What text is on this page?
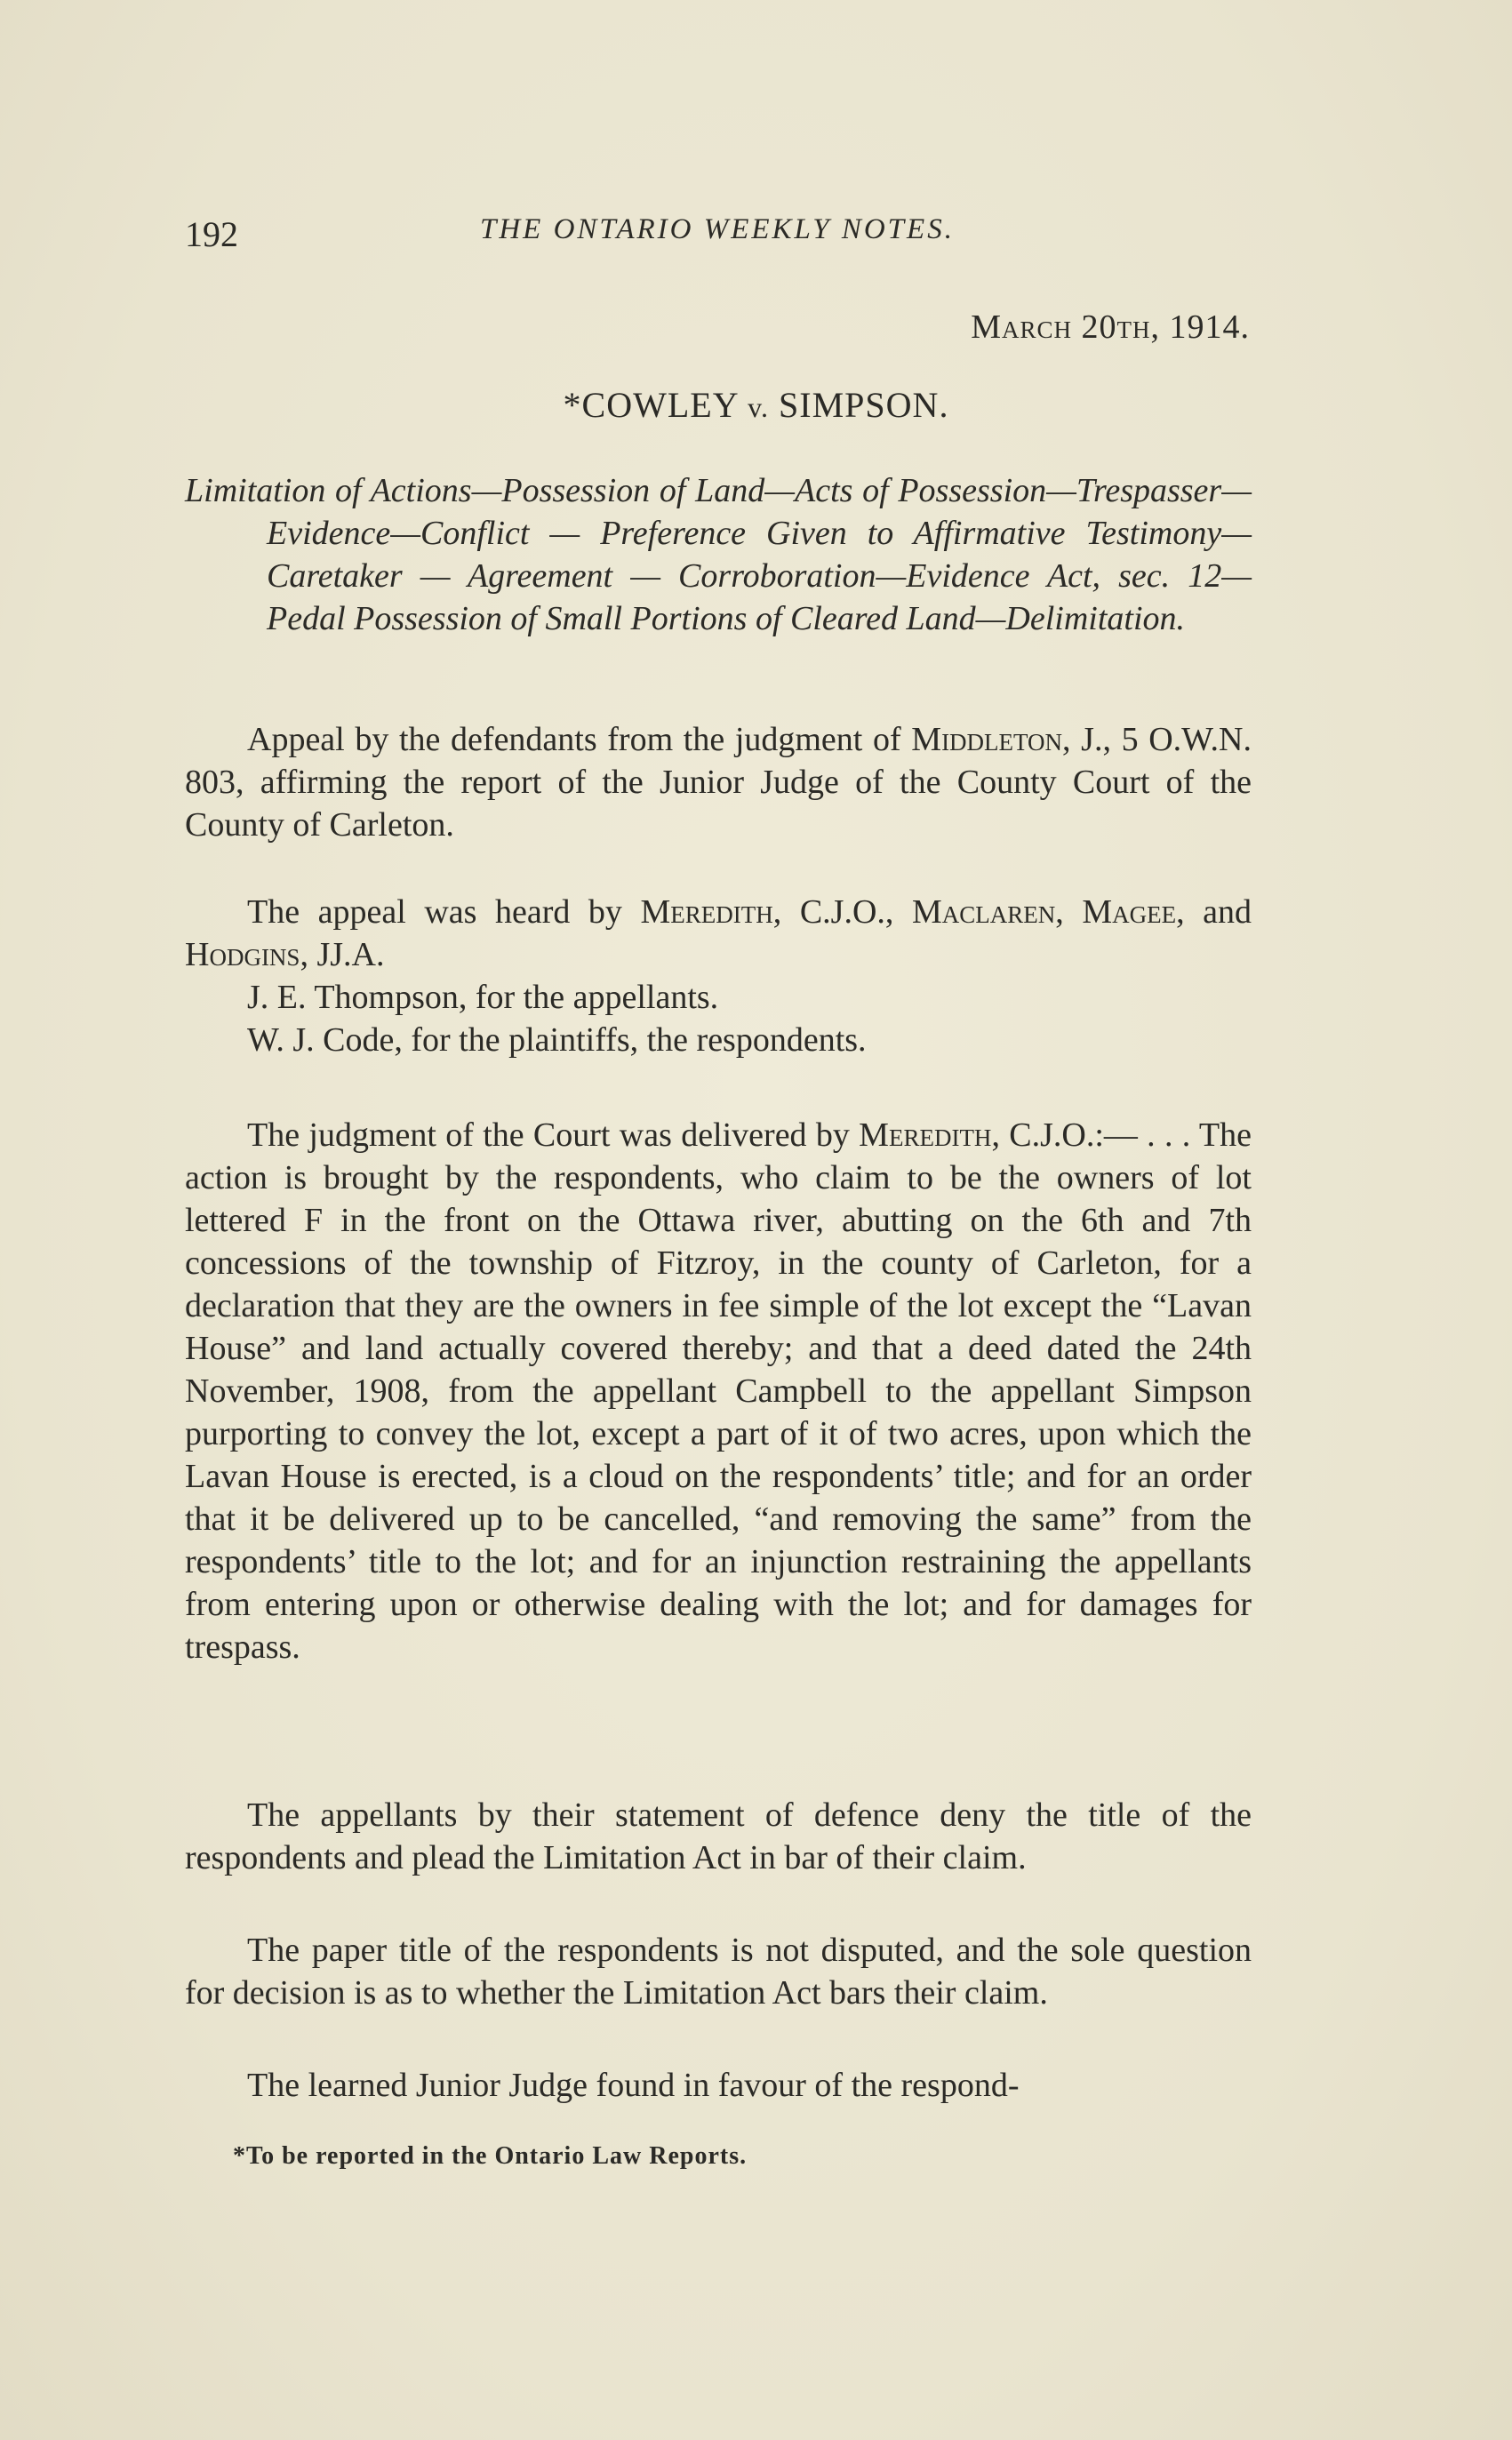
192	THE ONTARIO WEEKLY NOTES.
March 20th, 1914.
*COWLEY v. SIMPSON.
Limitation of Actions—Possession of Land—Acts of Possession—Trespasser—Evidence—Conflict — Preference Given to Affirmative Testimony—Caretaker — Agreement — Corroboration—Evidence Act, sec. 12—Pedal Possession of Small Portions of Cleared Land—Delimitation.

Appeal by the defendants from the judgment of Middleton, J., 5 O.W.N. 803, affirming the report of the Junior Judge of the County Court of the County of Carleton.

The appeal was heard by Meredith, C.J.O., Maclaren, Magee, and Hodgins, JJ.A.

J. E. Thompson, for the appellants.

W. J. Code, for the plaintiffs, the respondents.

The judgment of the Court was delivered by Meredith, C.J.O.:— . . . The action is brought by the respondents, who claim to be the owners of lot lettered F in the front on the Ottawa river, abutting on the 6th and 7th concessions of the township of Fitzroy, in the county of Carleton, for a declaration that they are the owners in fee simple of the lot except the “Lavan House” and land actually covered thereby; and that a deed dated the 24th November, 1908, from the appellant Campbell to the appellant Simpson purporting to convey the lot, except a part of it of two acres, upon which the Lavan House is erected, is a cloud on the respondents’ title; and for an order that it be delivered up to be cancelled, “and removing the same” from the respondents’ title to the lot; and for an injunction restraining the appellants from entering upon or otherwise dealing with the lot; and for damages for trespass.

The appellants by their statement of defence deny the title of the respondents and plead the Limitation Act in bar of their claim.

The paper title of the respondents is not disputed, and the sole question for decision is as to whether the Limitation Act bars their claim.

The learned Junior Judge found in favour of the respond-

*To be reported in the Ontario Law Reports.
